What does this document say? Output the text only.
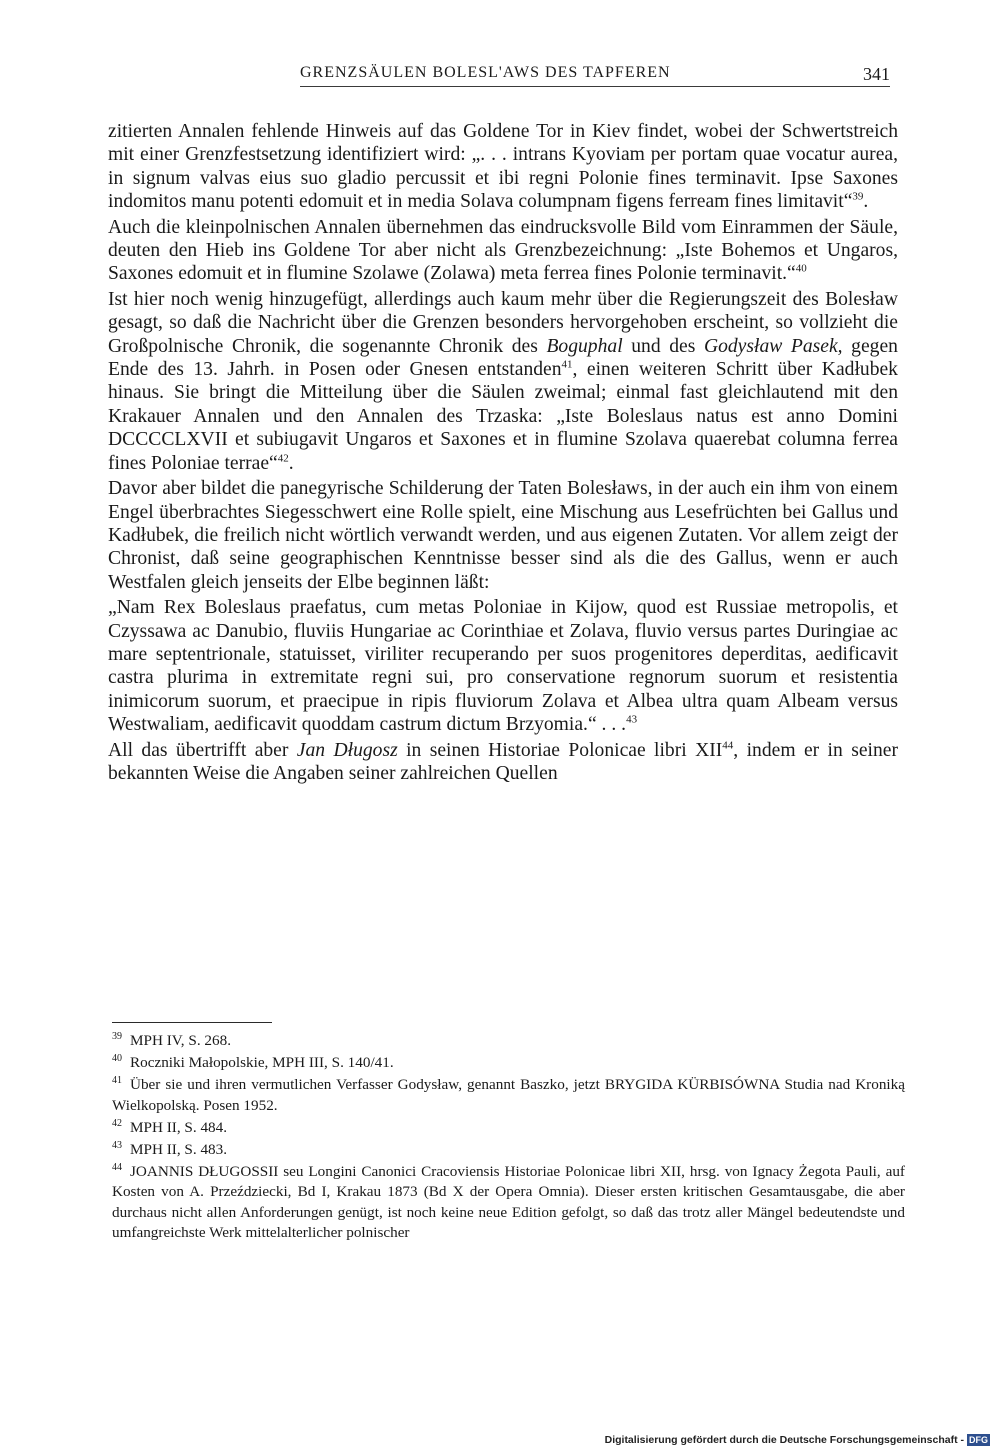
GRENZSÄULEN BOLESL'AWS DES TAPFEREN	341

zitierten Annalen fehlende Hinweis auf das Goldene Tor in Kiev findet, wobei der Schwertstreich mit einer Grenzfestsetzung identifiziert wird: „. . . intrans Kyoviam per portam quae vocatur aurea, in signum valvas eius suo gladio percussit et ibi regni Polonie fines terminavit. Ipse Saxones indomitos manu potenti edomuit et in media Solava columpnam figens ferream fines limitavit“$^{39}$.

Auch die kleinpolnischen Annalen übernehmen das eindrucksvolle Bild vom Einrammen der Säule, deuten den Hieb ins Goldene Tor aber nicht als Grenzbezeichnung: „Iste Bohemos et Ungaros, Saxones edomuit et in flumine Szolawe (Zolawa) meta ferrea fines Polonie terminavit.“$^{40}$

Ist hier noch wenig hinzugefügt, allerdings auch kaum mehr über die Regierungszeit des Bolesław gesagt, so daß die Nachricht über die Grenzen besonders hervorgehoben erscheint, so vollzieht die Großpolnische Chronik, die sogenannte Chronik des Boguphal und des Godysław Pasek, gegen Ende des 13. Jahrh. in Posen oder Gnesen entstanden$^{41}$, einen weiteren Schritt über Kadłubek hinaus. Sie bringt die Mitteilung über die Säulen zweimal; einmal fast gleichlautend mit den Krakauer Annalen und den Annalen des Trzaska: „Iste Boleslaus natus est anno Domini DCCCCLXVII et subiugavit Ungaros et Saxones et in flumine Szolava quaerebat columna ferrea fines Poloniae terrae“$^{42}$.

Davor aber bildet die panegyrische Schilderung der Taten Bolesławs, in der auch ein ihm von einem Engel überbrachtes Siegesschwert eine Rolle spielt, eine Mischung aus Lesefrüchten bei Gallus und Kadłubek, die freilich nicht wörtlich verwandt werden, und aus eigenen Zutaten. Vor allem zeigt der Chronist, daß seine geographischen Kenntnisse besser sind als die des Gallus, wenn er auch Westfalen gleich jenseits der Elbe beginnen läßt:

„Nam Rex Boleslaus praefatus, cum metas Poloniae in Kijow, quod est Russiae metropolis, et Czyssawa ac Danubio, fluviis Hungariae ac Corinthiae et Zolava, fluvio versus partes Duringiae ac mare septentrionale, statuisset, viriliter recuperando per suos progenitores deperditas, aedificavit castra plurima in extremitate regni sui, pro conservatione regnorum suorum et resistentia inimicorum suorum, et praecipue in ripis fluviorum Zolava et Albea ultra quam Albeam versus Westwaliam, aedificavit quoddam castrum dictum Brzyomia.“ . . .$^{43}$

All das übertrifft aber Jan Długosz in seinen Historiae Polonicae libri XII$^{44}$, indem er in seiner bekannten Weise die Angaben seiner zahlreichen Quellen

$^{39}$ MPH IV, S. 268.
$^{40}$ Roczniki Małopolskie, MPH III, S. 140/41.
$^{41}$ Über sie und ihren vermutlichen Verfasser Godysław, genannt Baszko, jetzt BRYGIDA KÜRBISÓWNA Studia nad Kroniką Wielkopolską. Posen 1952.
$^{42}$ MPH II, S. 484.
$^{43}$ MPH II, S. 483.
$^{44}$ JOANNIS DŁUGOSSII seu Longini Canonici Cracoviensis Historiae Polonicae libri XII, hrsg. von Ignacy Żegota Pauli, auf Kosten von A. Przeździecki, Bd I, Krakau 1873 (Bd X der Opera Omnia). Dieser ersten kritischen Gesamtausgabe, die aber durchaus nicht allen Anforderungen genügt, ist noch keine neue Edition gefolgt, so daß das trotz aller Mängel bedeutendste und umfangreichste Werk mittelalterlicher polnischer
Digitalisierung gefördert durch die Deutsche Forschungsgemeinschaft - DFG
